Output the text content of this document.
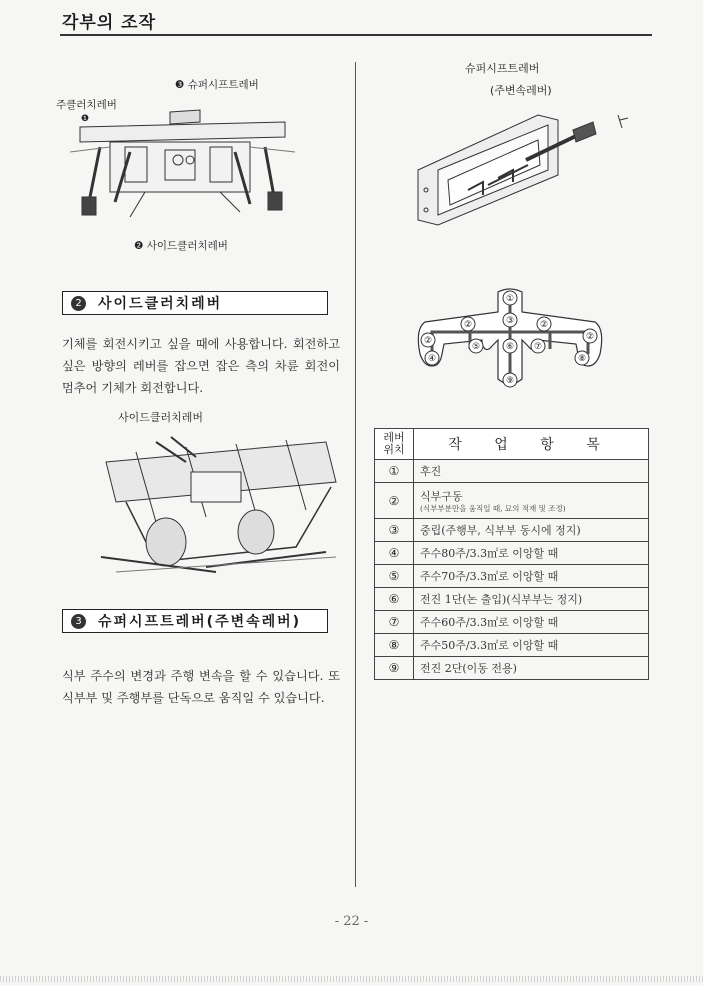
각부의 조작
❸ 슈퍼시프트레버
주클러치레버
❶
❷ 사이드클러치레버
2	사이드클러치레버
기체를 회전시키고 싶을 때에 사용합니다. 회전하고 싶은 방향의 레버를 잡으면 잡은 측의 차륜 회전이 멈추어 기체가 회전합니다.
사이드클러치레버
3	슈퍼시프트레버(주변속레버)
식부 주수의 변경과 주행 변속을 할 수 있습니다. 또 식부부 및 주행부를 단독으로 움직일 수 있습니다.
슈퍼시프트레버
(주변속레버)
①
②	③	②
②
②
④
⑤	⑥ ⑦
⑧
⑨
레버
위치	작 업 항 목
①	후진
②	식부구동
(식부부분만을 움직일 때, 묘의 적재 및 조정)

③	중립(주행부, 식부부 동시에 정지)
④	주수80주/3.3㎡로 이앙할 때
⑤	주수70주/3.3㎡로 이앙할 때
⑥	전진 1단(논 출입)(식부부는 정지)
⑦	주수60주/3.3㎡로 이앙할 때
⑧	주수50주/3.3㎡로 이앙할 때
⑨	전진 2단(이동 전용)
- 22 -
